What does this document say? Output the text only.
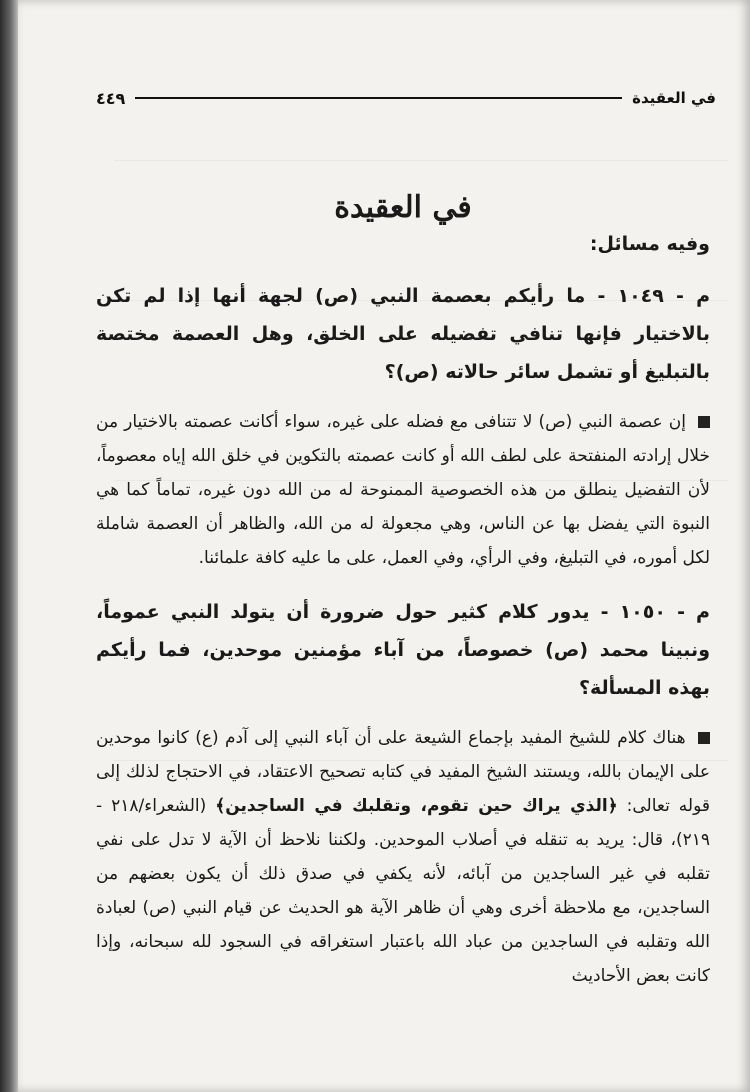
في العقيدة
٤٤٩
في العقيدة
وفيه مسائل:
م - ١٠٤٩ - ما رأيكم بعصمة النبي (ص) لجهة أنها إذا لم تكن بالاختيار فإنها تنافي تفضيله على الخلق، وهل العصمة مختصة بالتبليغ أو تشمل سائر حالاته (ص)؟
إن عصمة النبي (ص) لا تتنافى مع فضله على غيره، سواء أكانت عصمته بالاختيار من خلال إرادته المنفتحة على لطف الله أو كانت عصمته بالتكوين في خلق الله إياه معصوماً، لأن التفضيل ينطلق من هذه الخصوصية الممنوحة له من الله دون غيره، تماماً كما هي النبوة التي يفضل بها عن الناس، وهي مجعولة له من الله، والظاهر أن العصمة شاملة لكل أموره، في التبليغ، وفي الرأي، وفي العمل، على ما عليه كافة علمائنا.
م - ١٠٥٠ - يدور كلام كثير حول ضرورة أن يتولد النبي عموماً، ونبينا محمد (ص) خصوصاً، من آباء مؤمنين موحدين، فما رأيكم بهذه المسألة؟
هناك كلام للشيخ المفيد بإجماع الشيعة على أن آباء النبي إلى آدم (ع) كانوا موحدين على الإيمان بالله، ويستند الشيخ المفيد في كتابه تصحيح الاعتقاد، في الاحتجاج لذلك إلى قوله تعالى: ﴿الذي يراك حين تقوم، وتقلبك في الساجدين﴾ (الشعراء/٢١٨ - ٢١٩)، قال: يريد به تنقله في أصلاب الموحدين. ولكننا نلاحظ أن الآية لا تدل على نفي تقلبه في غير الساجدين من آبائه، لأنه يكفي في صدق ذلك أن يكون بعضهم من الساجدين، مع ملاحظة أخرى وهي أن ظاهر الآية هو الحديث عن قيام النبي (ص) لعبادة الله وتقلبه في الساجدين من عباد الله باعتبار استغراقه في السجود لله سبحانه، وإذا كانت بعض الأحاديث
